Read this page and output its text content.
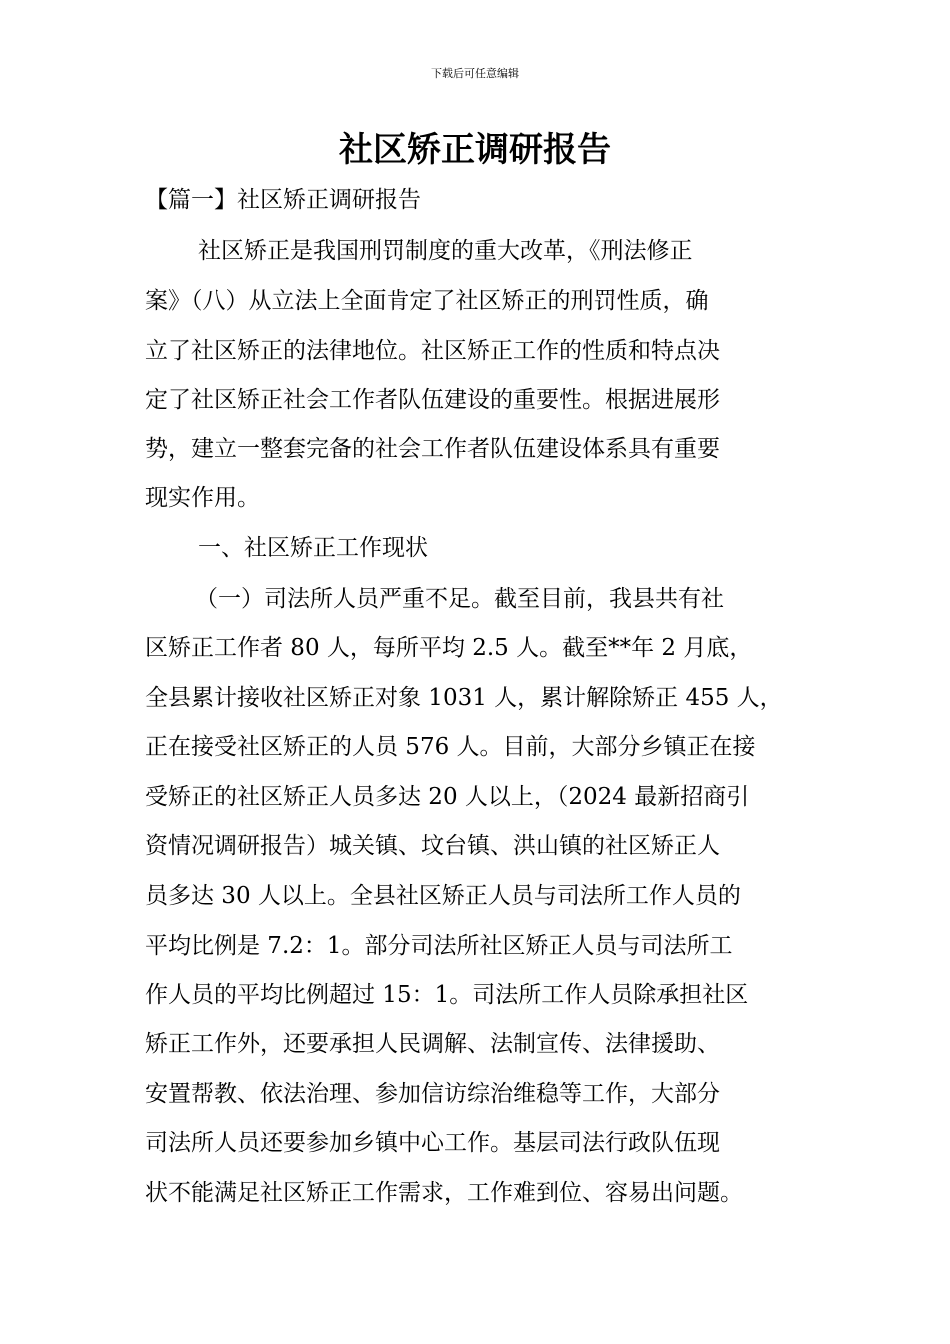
下载后可任意编辑
社区矫正调研报告
【篇一】社区矫正调研报告
　社区矫正是我国刑罚制度的重大改革，《刑法修正
案》（八）从立法上全面肯定了社区矫正的刑罚性质，确
立了社区矫正的法律地位。社区矫正工作的性质和特点决
定了社区矫正社会工作者队伍建设的重要性。根据进展形
势，建立一整套完备的社会工作者队伍建设体系具有重要
现实作用。
　一、社区矫正工作现状
（一）司法所人员严重不足。截至目前，我县共有社
区矫正工作者 80 人，每所平均 2.5 人。截至**年 2 月底，
全县累计接收社区矫正对象 1031 人，累计解除矫正 455 人，
正在接受社区矫正的人员 576 人。目前，大部分乡镇正在接
受矫正的社区矫正人员多达 20 人以上，（2024 最新招商引
资情况调研报告）城关镇、坟台镇、洪山镇的社区矫正人
员多达 30 人以上。全县社区矫正人员与司法所工作人员的
平均比例是 7.2：1。部分司法所社区矫正人员与司法所工
作人员的平均比例超过 15：1。司法所工作人员除承担社区
矫正工作外，还要承担人民调解、法制宣传、法律援助、
安置帮教、依法治理、参加信访综治维稳等工作，大部分
司法所人员还要参加乡镇中心工作。基层司法行政队伍现
状不能满足社区矫正工作需求，工作难到位、容易出问题。
